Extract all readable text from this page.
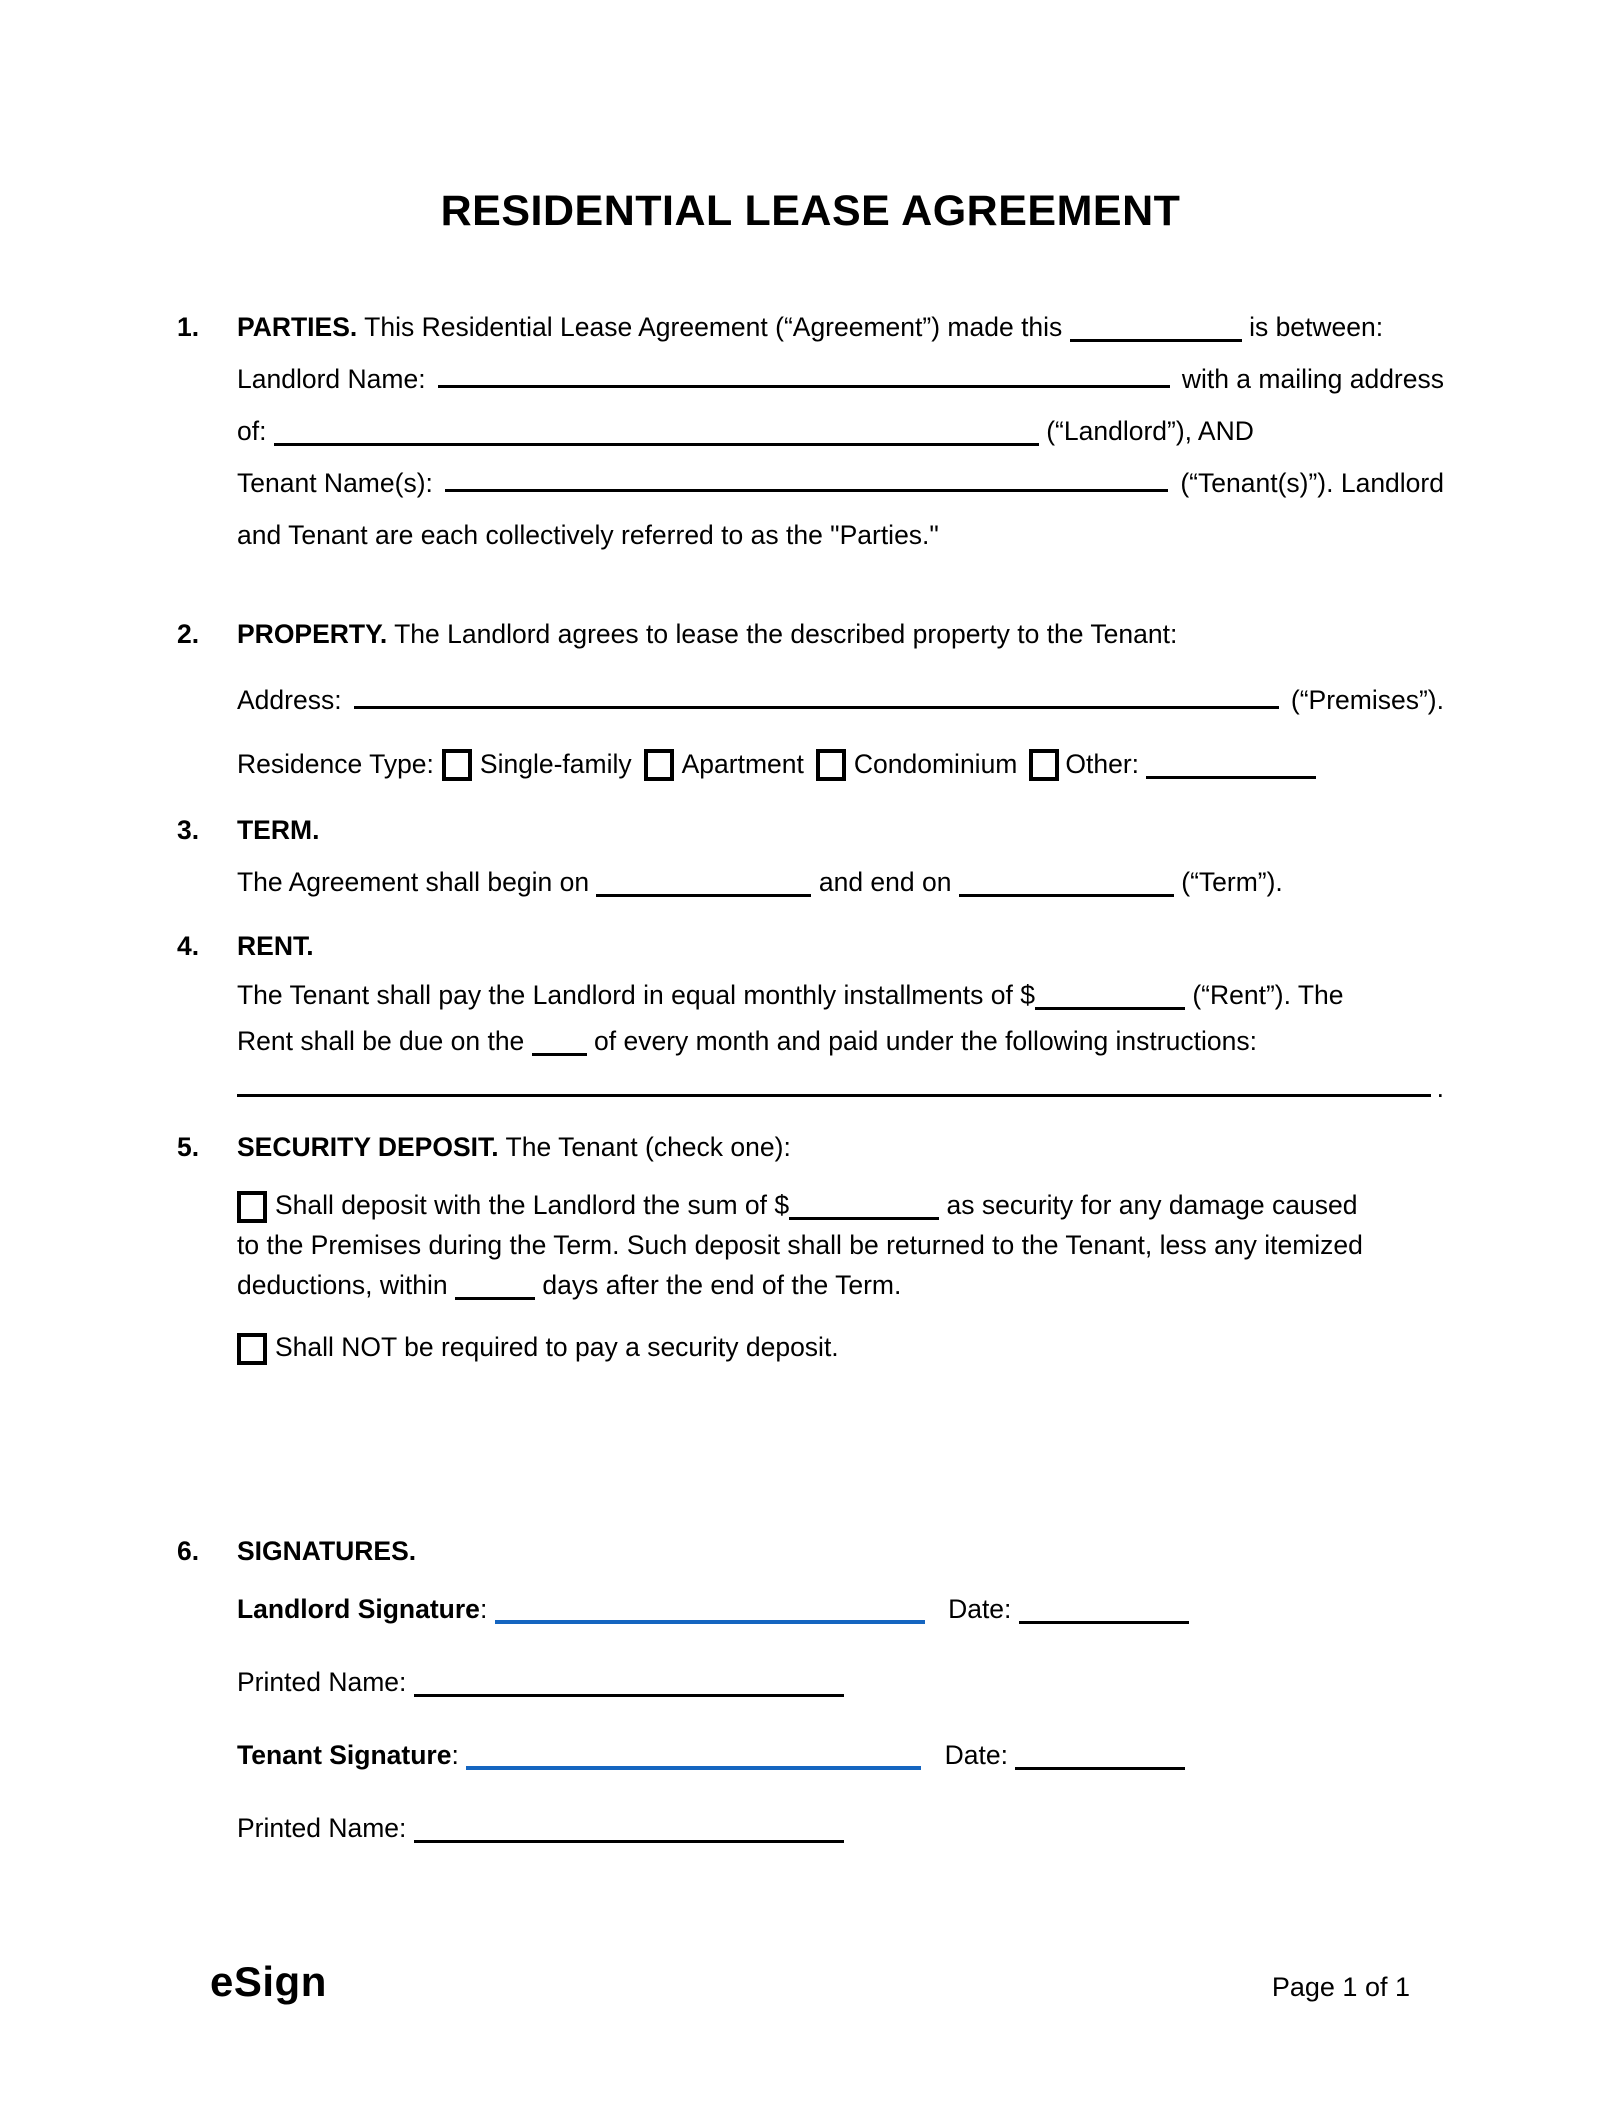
RESIDENTIAL LEASE AGREEMENT
1.	PARTIES. This Residential Lease Agreement (“Agreement”) made this	is between:
Landlord Name:	with a mailing address
of:	(“Landlord”), AND
Tenant Name(s):	(“Tenant(s)”). Landlord
and Tenant are each collectively referred to as the "Parties."
2.	PROPERTY. The Landlord agrees to lease the described property to the Tenant:
Address:	(“Premises”).
Residence Type: Single-family Apartment Condominium Other:
3.	TERM.
The Agreement shall begin on	and end on	(“Term”).
4.	RENT.
The Tenant shall pay the Landlord in equal monthly installments of $	(“Rent”). The
Rent shall be due on the	of every month and paid under the following instructions:
.
5.	SECURITY DEPOSIT. The Tenant (check one):
Shall deposit with the Landlord the sum of $	as security for any damage caused
to the Premises during the Term. Such deposit shall be returned to the Tenant, less any itemized
deductions, within	days after the end of the Term.
Shall NOT be required to pay a security deposit.
6.	SIGNATURES.
Landlord Signature:	Date:
Printed Name:
Tenant Signature:	Date:
Printed Name:
eSign	Page 1 of 1
